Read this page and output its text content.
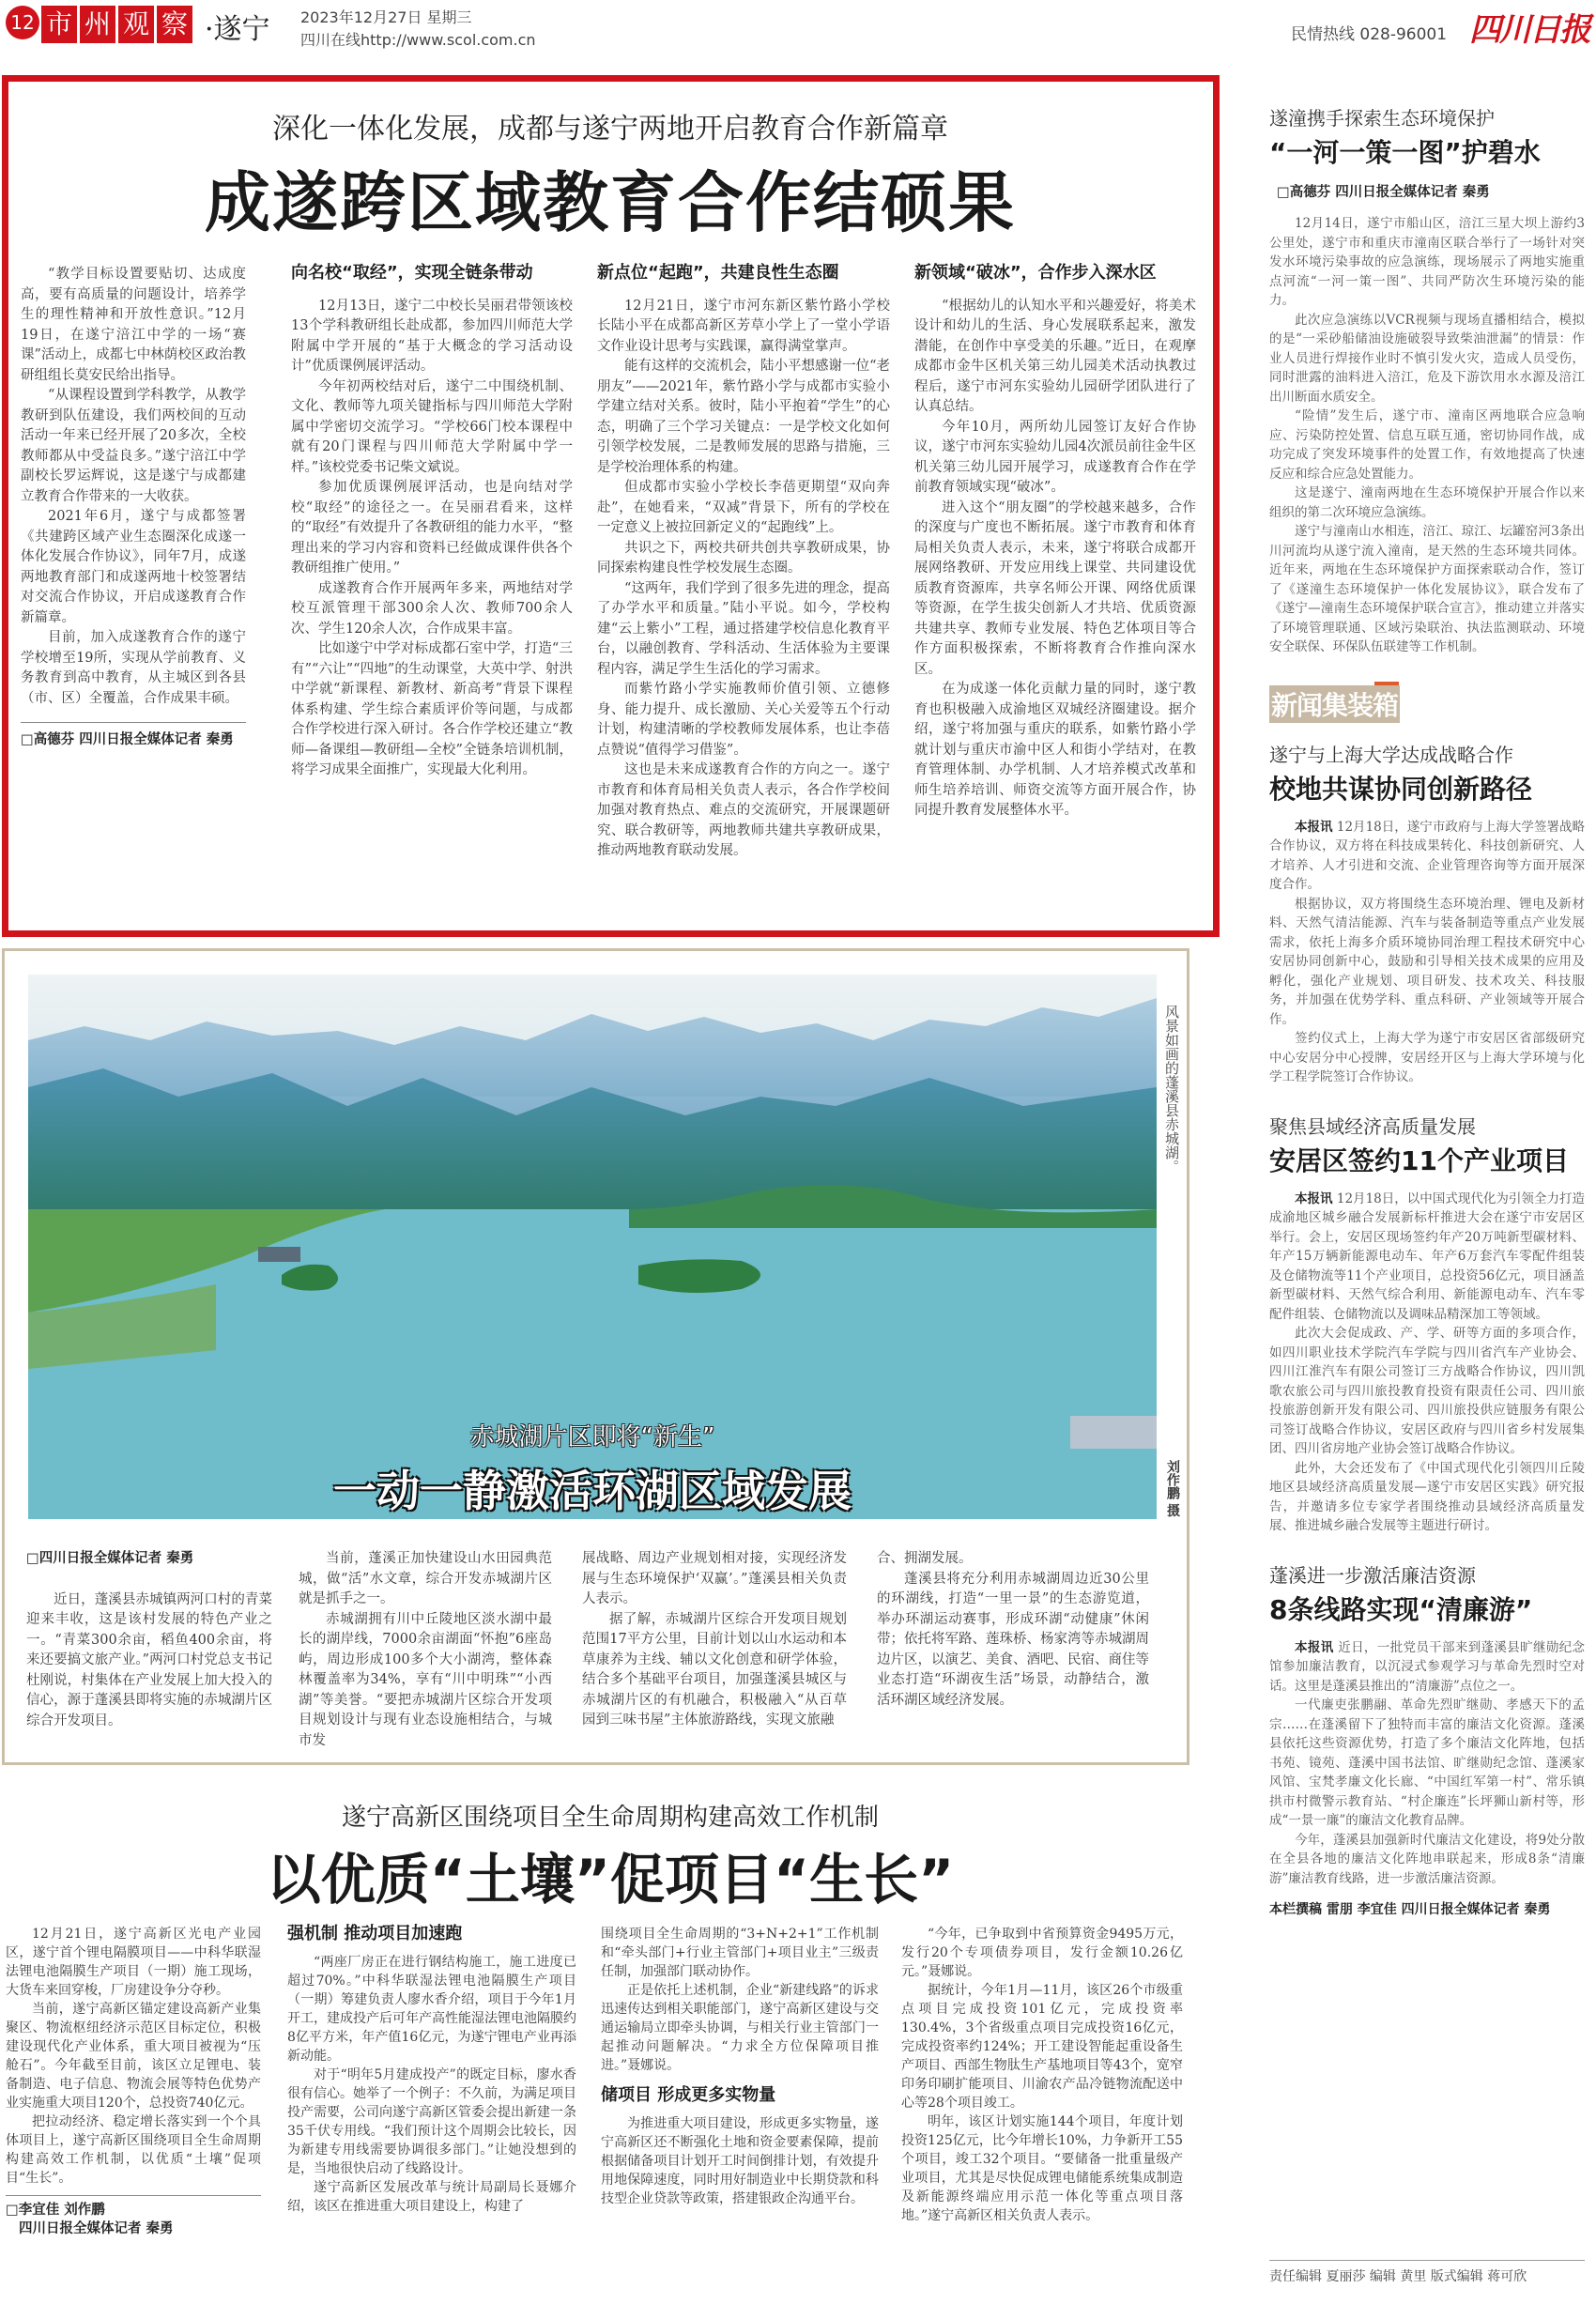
12 市 州 观 察 ·遂宁 2023年12月27日 星期三
四川在线http://www.scol.com.cn	民情热线 028-96001 四川日报
深化一体化发展，成都与遂宁两地开启教育合作新篇章
成遂跨区域教育合作结硕果

“教学目标设置要贴切、达成度高，要有高质量的问题设计，培养学生的理性精神和开放性意识。”12月19日，在遂宁涪江中学的一场“赛课”活动上，成都七中林荫校区政治教研组组长莫安民给出指导。

“从课程设置到学科教学，从教学教研到队伍建设，我们两校间的互动活动一年来已经开展了20多次，全校教师都从中受益良多。”遂宁涪江中学副校长罗运辉说，这是遂宁与成都建立教育合作带来的一大收获。

2021年6月，遂宁与成都签署《共建跨区域产业生态圈深化成遂一体化发展合作协议》，同年7月，成遂两地教育部门和成遂两地十校签署结对交流合作协议，开启成遂教育合作新篇章。

目前，加入成遂教育合作的遂宁学校增至19所，实现从学前教育、义务教育到高中教育，从主城区到各县（市、区）全覆盖，合作成果丰硕。

□高德芬 四川日报全媒体记者 秦勇
向名校“取经”，实现全链条带动

12月13日，遂宁二中校长吴丽君带领该校13个学科教研组长赴成都，参加四川师范大学附属中学开展的“基于大概念的学习活动设计”优质课例展评活动。

今年初两校结对后，遂宁二中围绕机制、文化、教师等九项关键指标与四川师范大学附属中学密切交流学习。“学校66门校本课程中就有20门课程与四川师范大学附属中学一样。”该校党委书记柴文斌说。

参加优质课例展评活动，也是向结对学校“取经”的途径之一。在吴丽君看来，这样的“取经”有效提升了各教研组的能力水平，“整理出来的学习内容和资料已经做成课件供各个教研组推广使用。”

成遂教育合作开展两年多来，两地结对学校互派管理干部300余人次、教师700余人次、学生120余人次，合作成果丰富。

比如遂宁中学对标成都石室中学，打造“三有”“六让”“四地”的生动课堂，大英中学、射洪中学就“新课程、新教材、新高考”背景下课程体系构建、学生综合素质评价等问题，与成都合作学校进行深入研讨。各合作学校还建立“教师—备课组—教研组—全校”全链条培训机制，将学习成果全面推广，实现最大化利用。

新点位“起跑”，共建良性生态圈

12月21日，遂宁市河东新区紫竹路小学校长陆小平在成都高新区芳草小学上了一堂小学语文作业设计思考与实践课，赢得满堂掌声。

能有这样的交流机会，陆小平想感谢一位“老朋友”——2021年，紫竹路小学与成都市实验小学建立结对关系。彼时，陆小平抱着“学生”的心态，明确了三个学习关键点：一是学校文化如何引领学校发展，二是教师发展的思路与措施，三是学校治理体系的构建。

但成都市实验小学校长李蓓更期望“双向奔赴”，在她看来，“双减”背景下，所有的学校在一定意义上被拉回新定义的“起跑线”上。

共识之下，两校共研共创共享教研成果，协同探索构建良性学校发展生态圈。

“这两年，我们学到了很多先进的理念，提高了办学水平和质量。”陆小平说。如今，学校构建“云上紫小”工程，通过搭建学校信息化教育平台，以融创教育、学科活动、生活体验为主要课程内容，满足学生生活化的学习需求。

而紫竹路小学实施教师价值引领、立德修身、能力提升、成长激励、关心关爱等五个行动计划，构建清晰的学校教师发展体系，也让李蓓点赞说“值得学习借鉴”。

这也是未来成遂教育合作的方向之一。遂宁市教育和体育局相关负责人表示，各合作学校间加强对教育热点、难点的交流研究，开展课题研究、联合教研等，两地教师共建共享教研成果，推动两地教育联动发展。

新领域“破冰”，合作步入深水区

“根据幼儿的认知水平和兴趣爱好，将美术设计和幼儿的生活、身心发展联系起来，激发潜能，在创作中享受美的乐趣。”近日，在观摩成都市金牛区机关第三幼儿园美术活动执教过程后，遂宁市河东实验幼儿园研学团队进行了认真总结。

今年10月，两所幼儿园签订友好合作协议，遂宁市河东实验幼儿园4次派员前往金牛区机关第三幼儿园开展学习，成遂教育合作在学前教育领域实现“破冰”。

进入这个“朋友圈”的学校越来越多，合作的深度与广度也不断拓展。遂宁市教育和体育局相关负责人表示，未来，遂宁将联合成都开展网络教研、开发应用线上课堂、共同建设优质教育资源库，共享名师公开课、网络优质课等资源，在学生拔尖创新人才共培、优质资源共建共享、教师专业发展、特色艺体项目等合作方面积极探索，不断将教育合作推向深水区。

在为成遂一体化贡献力量的同时，遂宁教育也积极融入成渝地区双城经济圈建设。据介绍，遂宁将加强与重庆的联系，如紫竹路小学就计划与重庆市渝中区人和街小学结对，在教育管理体制、办学机制、人才培养模式改革和师生培养培训、师资交流等方面开展合作，协同提升教育发展整体水平。

赤城湖片区即将“新生”
一动一静激活环湖区域发展
风景如画的蓬溪县赤城湖。
刘作鹏 摄
□四川日报全媒体记者 秦勇

近日，蓬溪县赤城镇两河口村的青菜迎来丰收，这是该村发展的特色产业之一。“青菜300余亩，稻鱼400余亩，将来还要搞文旅产业。”两河口村党总支书记杜刚说，村集体在产业发展上加大投入的信心，源于蓬溪县即将实施的赤城湖片区综合开发项目。

当前，蓬溪正加快建设山水田园典范城，做“活”水文章，综合开发赤城湖片区就是抓手之一。

赤城湖拥有川中丘陵地区淡水湖中最长的湖岸线，7000余亩湖面“怀抱”6座岛屿，周边形成100多个大小湖湾，整体森林覆盖率为34%，享有“川中明珠”“小西湖”等美誉。“要把赤城湖片区综合开发项目规划设计与现有业态设施相结合，与城市发

展战略、周边产业规划相对接，实现经济发展与生态环境保护‘双赢’。”蓬溪县相关负责人表示。

据了解，赤城湖片区综合开发项目规划范围17平方公里，目前计划以山水运动和本草康养为主线、辅以文化创意和研学体验，结合多个基础平台项目，加强蓬溪县城区与赤城湖片区的有机融合，积极融入“从百草园到三味书屋”主体旅游路线，实现文旅融

合、拥湖发展。

蓬溪县将充分利用赤城湖周边近30公里的环湖线，打造“一里一景”的生态游览道，举办环湖运动赛事，形成环湖“动健康”休闲带；依托将军路、莲珠桥、杨家湾等赤城湖周边片区，以演艺、美食、酒吧、民宿、商住等业态打造“环湖夜生活”场景，动静结合，激活环湖区域经济发展。

遂宁高新区围绕项目全生命周期构建高效工作机制
以优质“土壤”促项目“生长”

12月21日，遂宁高新区光电产业园区，遂宁首个锂电隔膜项目——中科华联湿法锂电池隔膜生产项目（一期）施工现场，大货车来回穿梭，厂房建设争分夺秒。

当前，遂宁高新区锚定建设高新产业集聚区、物流枢纽经济示范区目标定位，积极建设现代化产业体系，重大项目被视为“压舱石”。今年截至目前，该区立足锂电、装备制造、电子信息、物流会展等特色优势产业实施重大项目120个，总投资740亿元。

把拉动经济、稳定增长落实到一个个具体项目上，遂宁高新区围绕项目全生命周期构建高效工作机制，以优质“土壤”促项目“生长”。

□李宜佳 刘作鹏
四川日报全媒体记者 秦勇
强机制 推动项目加速跑

“两座厂房正在进行钢结构施工，施工进度已超过70%。”中科华联湿法锂电池隔膜生产项目（一期）筹建负责人廖水香介绍，项目于今年1月开工，建成投产后可年产高性能湿法锂电池隔膜约8亿平方米，年产值16亿元，为遂宁锂电产业再添新动能。

对于“明年5月建成投产”的既定目标，廖水香很有信心。她举了一个例子：不久前，为满足项目投产需要，公司向遂宁高新区管委会提出新建一条35千伏专用线。“我们预计这个周期会比较长，因为新建专用线需要协调很多部门。”让她没想到的是，当地很快启动了线路设计。

遂宁高新区发展改革与统计局副局长聂娜介绍，该区在推进重大项目建设上，构建了

围绕项目全生命周期的“3+N+2+1”工作机制和“牵头部门+行业主管部门+项目业主”三级责任制，加强部门联动协作。

正是依托上述机制，企业“新建线路”的诉求迅速传达到相关职能部门，遂宁高新区建设与交通运输局立即牵头协调，与相关行业主管部门一起推动问题解决。“力求全方位保障项目推进。”聂娜说。

储项目 形成更多实物量

为推进重大项目建设，形成更多实物量，遂宁高新区还不断强化土地和资金要素保障，提前根据储备项目计划开工时间倒排计划，有效提升用地保障速度，同时用好制造业中长期贷款和科技型企业贷款等政策，搭建银政企沟通平台。

“今年，已争取到中省预算资金9495万元，发行20个专项债券项目，发行金额10.26亿元。”聂娜说。

据统计，今年1月—11月，该区26个市级重点项目完成投资101亿元，完成投资率130.4%，3个省级重点项目完成投资16亿元，完成投资率约124%；开工建设智能起重设备生产项目、西部生物肽生产基地项目等43个，宽窄印务印刷扩能项目、川渝农产品冷链物流配送中心等28个项目竣工。

明年，该区计划实施144个项目，年度计划投资125亿元，比今年增长10%，力争新开工55个项目，竣工32个项目。“要储备一批重量级产业项目，尤其是尽快促成锂电储能系统集成制造及新能源终端应用示范一体化等重点项目落地。”遂宁高新区相关负责人表示。

遂潼携手探索生态环境保护
“一河一策一图”护碧水
□高德芬 四川日报全媒体记者 秦勇

12月14日，遂宁市船山区，涪江三星大坝上游约3公里处，遂宁市和重庆市潼南区联合举行了一场针对突发水环境污染事故的应急演练，现场展示了两地实施重点河流“一河一策一图”、共同严防次生环境污染的能力。

此次应急演练以VCR视频与现场直播相结合，模拟的是“一采砂船储油设施破裂导致柴油泄漏”的情景：作业人员进行焊接作业时不慎引发火灾，造成人员受伤，同时泄露的油料进入涪江，危及下游饮用水水源及涪江出川断面水质安全。

“险情”发生后，遂宁市、潼南区两地联合应急响应、污染防控处置、信息互联互通，密切协同作战，成功完成了突发环境事件的处置工作，有效地提高了快速反应和综合应急处置能力。

这是遂宁、潼南两地在生态环境保护开展合作以来组织的第二次环境应急演练。

遂宁与潼南山水相连，涪江、琼江、坛罐窑河3条出川河流均从遂宁流入潼南，是天然的生态环境共同体。近年来，两地在生态环境保护方面探索联动合作，签订了《遂潼生态环境保护一体化发展协议》，联合发布了《遂宁—潼南生态环境保护联合宣言》，推动建立并落实了环境管理联通、区域污染联治、执法监测联动、环境安全联保、环保队伍联建等工作机制。

新闻集装箱
遂宁与上海大学达成战略合作
校地共谋协同创新路径

本报讯 12月18日，遂宁市政府与上海大学签署战略合作协议，双方将在科技成果转化、科技创新研究、人才培养、人才引进和交流、企业管理咨询等方面开展深度合作。

根据协议，双方将围绕生态环境治理、锂电及新材料、天然气清洁能源、汽车与装备制造等重点产业发展需求，依托上海多介质环境协同治理工程技术研究中心安居协同创新中心，鼓励和引导相关技术成果的应用及孵化，强化产业规划、项目研发、技术攻关、科技服务，并加强在优势学科、重点科研、产业领域等开展合作。

签约仪式上，上海大学为遂宁市安居区省部级研究中心安居分中心授牌，安居经开区与上海大学环境与化学工程学院签订合作协议。

聚焦县域经济高质量发展
安居区签约11个产业项目

本报讯 12月18日，以中国式现代化为引领全力打造成渝地区城乡融合发展新标杆推进大会在遂宁市安居区举行。会上，安居区现场签约年产20万吨新型碳材料、年产15万辆新能源电动车、年产6万套汽车零配件组装及仓储物流等11个产业项目，总投资56亿元，项目涵盖新型碳材料、天然气综合利用、新能源电动车、汽车零配件组装、仓储物流以及调味品精深加工等领域。

此次大会促成政、产、学、研等方面的多项合作，如四川职业技术学院汽车学院与四川省汽车产业协会、四川江淮汽车有限公司签订三方战略合作协议，四川凯歌农旅公司与四川旅投教育投资有限责任公司、四川旅投旅游创新开发有限公司、四川旅投供应链服务有限公司签订战略合作协议，安居区政府与四川省乡村发展集团、四川省房地产业协会签订战略合作协议。

此外，大会还发布了《中国式现代化引领四川丘陵地区县域经济高质量发展—遂宁市安居区实践》研究报告，并邀请多位专家学者围绕推动县域经济高质量发展、推进城乡融合发展等主题进行研讨。

蓬溪进一步激活廉洁资源
8条线路实现“清廉游”

本报讯 近日，一批党员干部来到蓬溪县旷继勋纪念馆参加廉洁教育，以沉浸式参观学习与革命先烈时空对话。这里是蓬溪县推出的“清廉游”点位之一。

一代廉吏张鹏翮、革命先烈旷继勋、孝感天下的孟宗……在蓬溪留下了独特而丰富的廉洁文化资源。蓬溪县依托这些资源优势，打造了多个廉洁文化阵地，包括书苑、镜苑、蓬溪中国书法馆、旷继勋纪念馆、蓬溪家风馆、宝梵孝廉文化长廊、“中国红军第一村”、常乐镇拱市村微警示教育站、“村企廉连”长坪狮山新村等，形成“一景一廉”的廉洁文化教育品牌。

今年，蓬溪县加强新时代廉洁文化建设，将9处分散在全县各地的廉洁文化阵地串联起来，形成8条“清廉游”廉洁教育线路，进一步激活廉洁资源。

本栏撰稿 雷朋 李宜佳 四川日报全媒体记者 秦勇
责任编辑 夏丽莎 编辑 黄里 版式编辑 蒋可欣
